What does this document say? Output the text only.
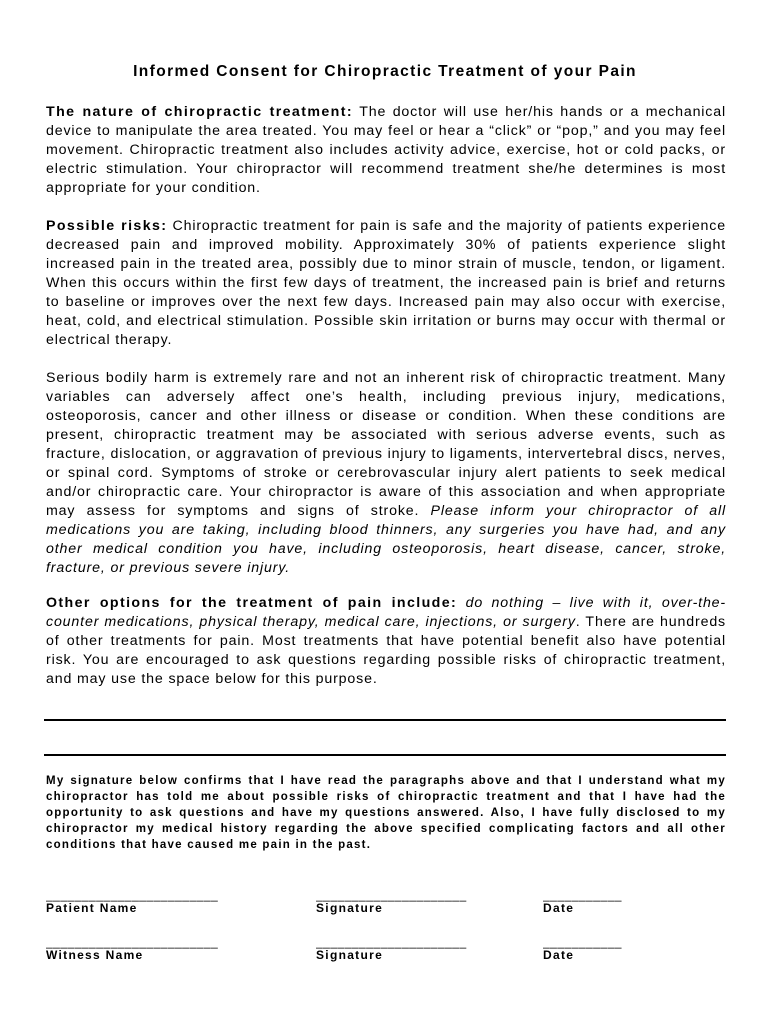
Informed Consent for Chiropractic Treatment of your Pain
The nature of chiropractic treatment: The doctor will use her/his hands or a mechanical device to manipulate the area treated. You may feel or hear a “click” or “pop,” and you may feel movement. Chiropractic treatment also includes activity advice, exercise, hot or cold packs, or electric stimulation. Your chiropractor will recommend treatment she/he determines is most appropriate for your condition.
Possible risks: Chiropractic treatment for pain is safe and the majority of patients experience decreased pain and improved mobility. Approximately 30% of patients experience slight increased pain in the treated area, possibly due to minor strain of muscle, tendon, or ligament. When this occurs within the first few days of treatment, the increased pain is brief and returns to baseline or improves over the next few days. Increased pain may also occur with exercise, heat, cold, and electrical stimulation. Possible skin irritation or burns may occur with thermal or electrical therapy.
Serious bodily harm is extremely rare and not an inherent risk of chiropractic treatment. Many variables can adversely affect one’s health, including previous injury, medications, osteoporosis, cancer and other illness or disease or condition. When these conditions are present, chiropractic treatment may be associated with serious adverse events, such as fracture, dislocation, or aggravation of previous injury to ligaments, intervertebral discs, nerves, or spinal cord. Symptoms of stroke or cerebrovascular injury alert patients to seek medical and/or chiropractic care. Your chiropractor is aware of this association and when appropriate may assess for symptoms and signs of stroke. Please inform your chiropractor of all medications you are taking, including blood thinners, any surgeries you have had, and any other medical condition you have, including osteoporosis, heart disease, cancer, stroke, fracture, or previous severe injury.
Other options for the treatment of pain include: do nothing – live with it, over-the-counter medications, physical therapy, medical care, injections, or surgery. There are hundreds of other treatments for pain. Most treatments that have potential benefit also have potential risk. You are encouraged to ask questions regarding possible risks of chiropractic treatment, and may use the space below for this purpose.
My signature below confirms that I have read the paragraphs above and that I understand what my chiropractor has told me about possible risks of chiropractic treatment and that I have had the opportunity to ask questions and have my questions answered. Also, I have fully disclosed to my chiropractor my medical history regarding the above specified complicating factors and all other conditions that have caused me pain in the past.
________________________
Patient Name
_____________________
Signature
___________
Date
________________________
Witness Name
_____________________
Signature
___________
Date
